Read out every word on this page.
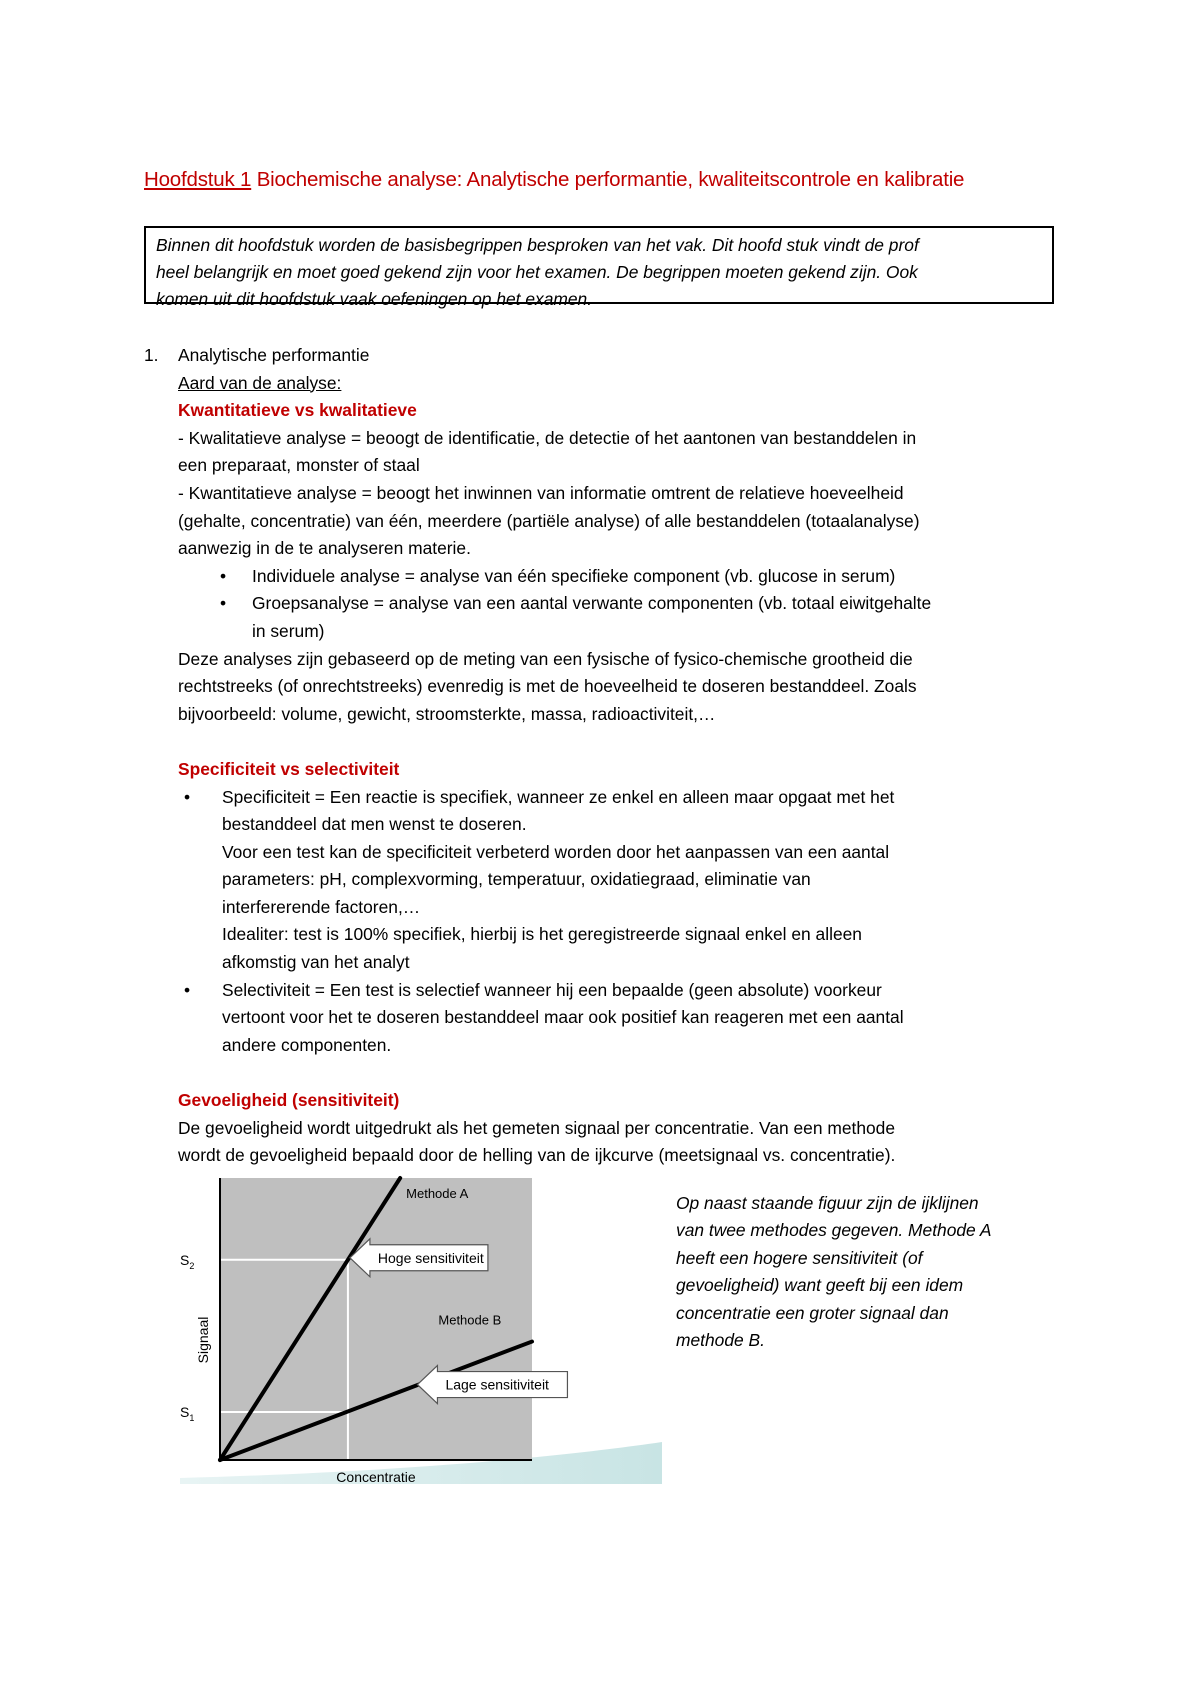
Hoofdstuk 1 Biochemische analyse: Analytische performantie, kwaliteitscontrole en kalibratie
Binnen dit hoofdstuk worden de basisbegrippen besproken van het vak. Dit hoofd stuk vindt de prof
heel belangrijk en moet goed gekend zijn voor het examen. De begrippen moeten gekend zijn. Ook
komen uit dit hoofdstuk vaak oefeningen op het examen.
1. Analytische performantie
Aard van de analyse:
Kwantitatieve vs kwalitatieve
- Kwalitatieve analyse = beoogt de identificatie, de detectie of het aantonen van bestanddelen in
een preparaat, monster of staal
- Kwantitatieve analyse = beoogt het inwinnen van informatie omtrent de relatieve hoeveelheid
(gehalte, concentratie) van één, meerdere (partiële analyse) of alle bestanddelen (totaalanalyse)
aanwezig in de te analyseren materie.
• Individuele analyse = analyse van één specifieke component (vb. glucose in serum)
• Groepsanalyse = analyse van een aantal verwante componenten (vb. totaal eiwitgehalte
in serum)
Deze analyses zijn gebaseerd op de meting van een fysische of fysico-chemische grootheid die
rechtstreeks (of onrechtstreeks) evenredig is met de hoeveelheid te doseren bestanddeel. Zoals
bijvoorbeeld: volume, gewicht, stroomsterkte, massa, radioactiviteit,…
Specificiteit vs selectiviteit
• Specificiteit = Een reactie is specifiek, wanneer ze enkel en alleen maar opgaat met het
bestanddeel dat men wenst te doseren.
Voor een test kan de specificiteit verbeterd worden door het aanpassen van een aantal
parameters: pH, complexvorming, temperatuur, oxidatiegraad, eliminatie van
interfererende factoren,…
Idealiter: test is 100% specifiek, hierbij is het geregistreerde signaal enkel en alleen
afkomstig van het analyt
• Selectiviteit = Een test is selectief wanneer hij een bepaalde (geen absolute) voorkeur
vertoont voor het te doseren bestanddeel maar ook positief kan reageren met een aantal
andere componenten.
Gevoeligheid (sensitiviteit)
De gevoeligheid wordt uitgedrukt als het gemeten signaal per concentratie. Van een methode
wordt de gevoeligheid bepaald door de helling van de ijkcurve (meetsignaal vs. concentratie).
Methode A
Methode B
$S_2$
$S_1$
Hoge sensitiviteit
Lage sensitiviteit
Signaal
Concentratie
Op naast staande figuur zijn de ijklijnen
van twee methodes gegeven. Methode A
heeft een hogere sensitiviteit (of
gevoeligheid) want geeft bij een idem
concentratie een groter signaal dan
methode B.
